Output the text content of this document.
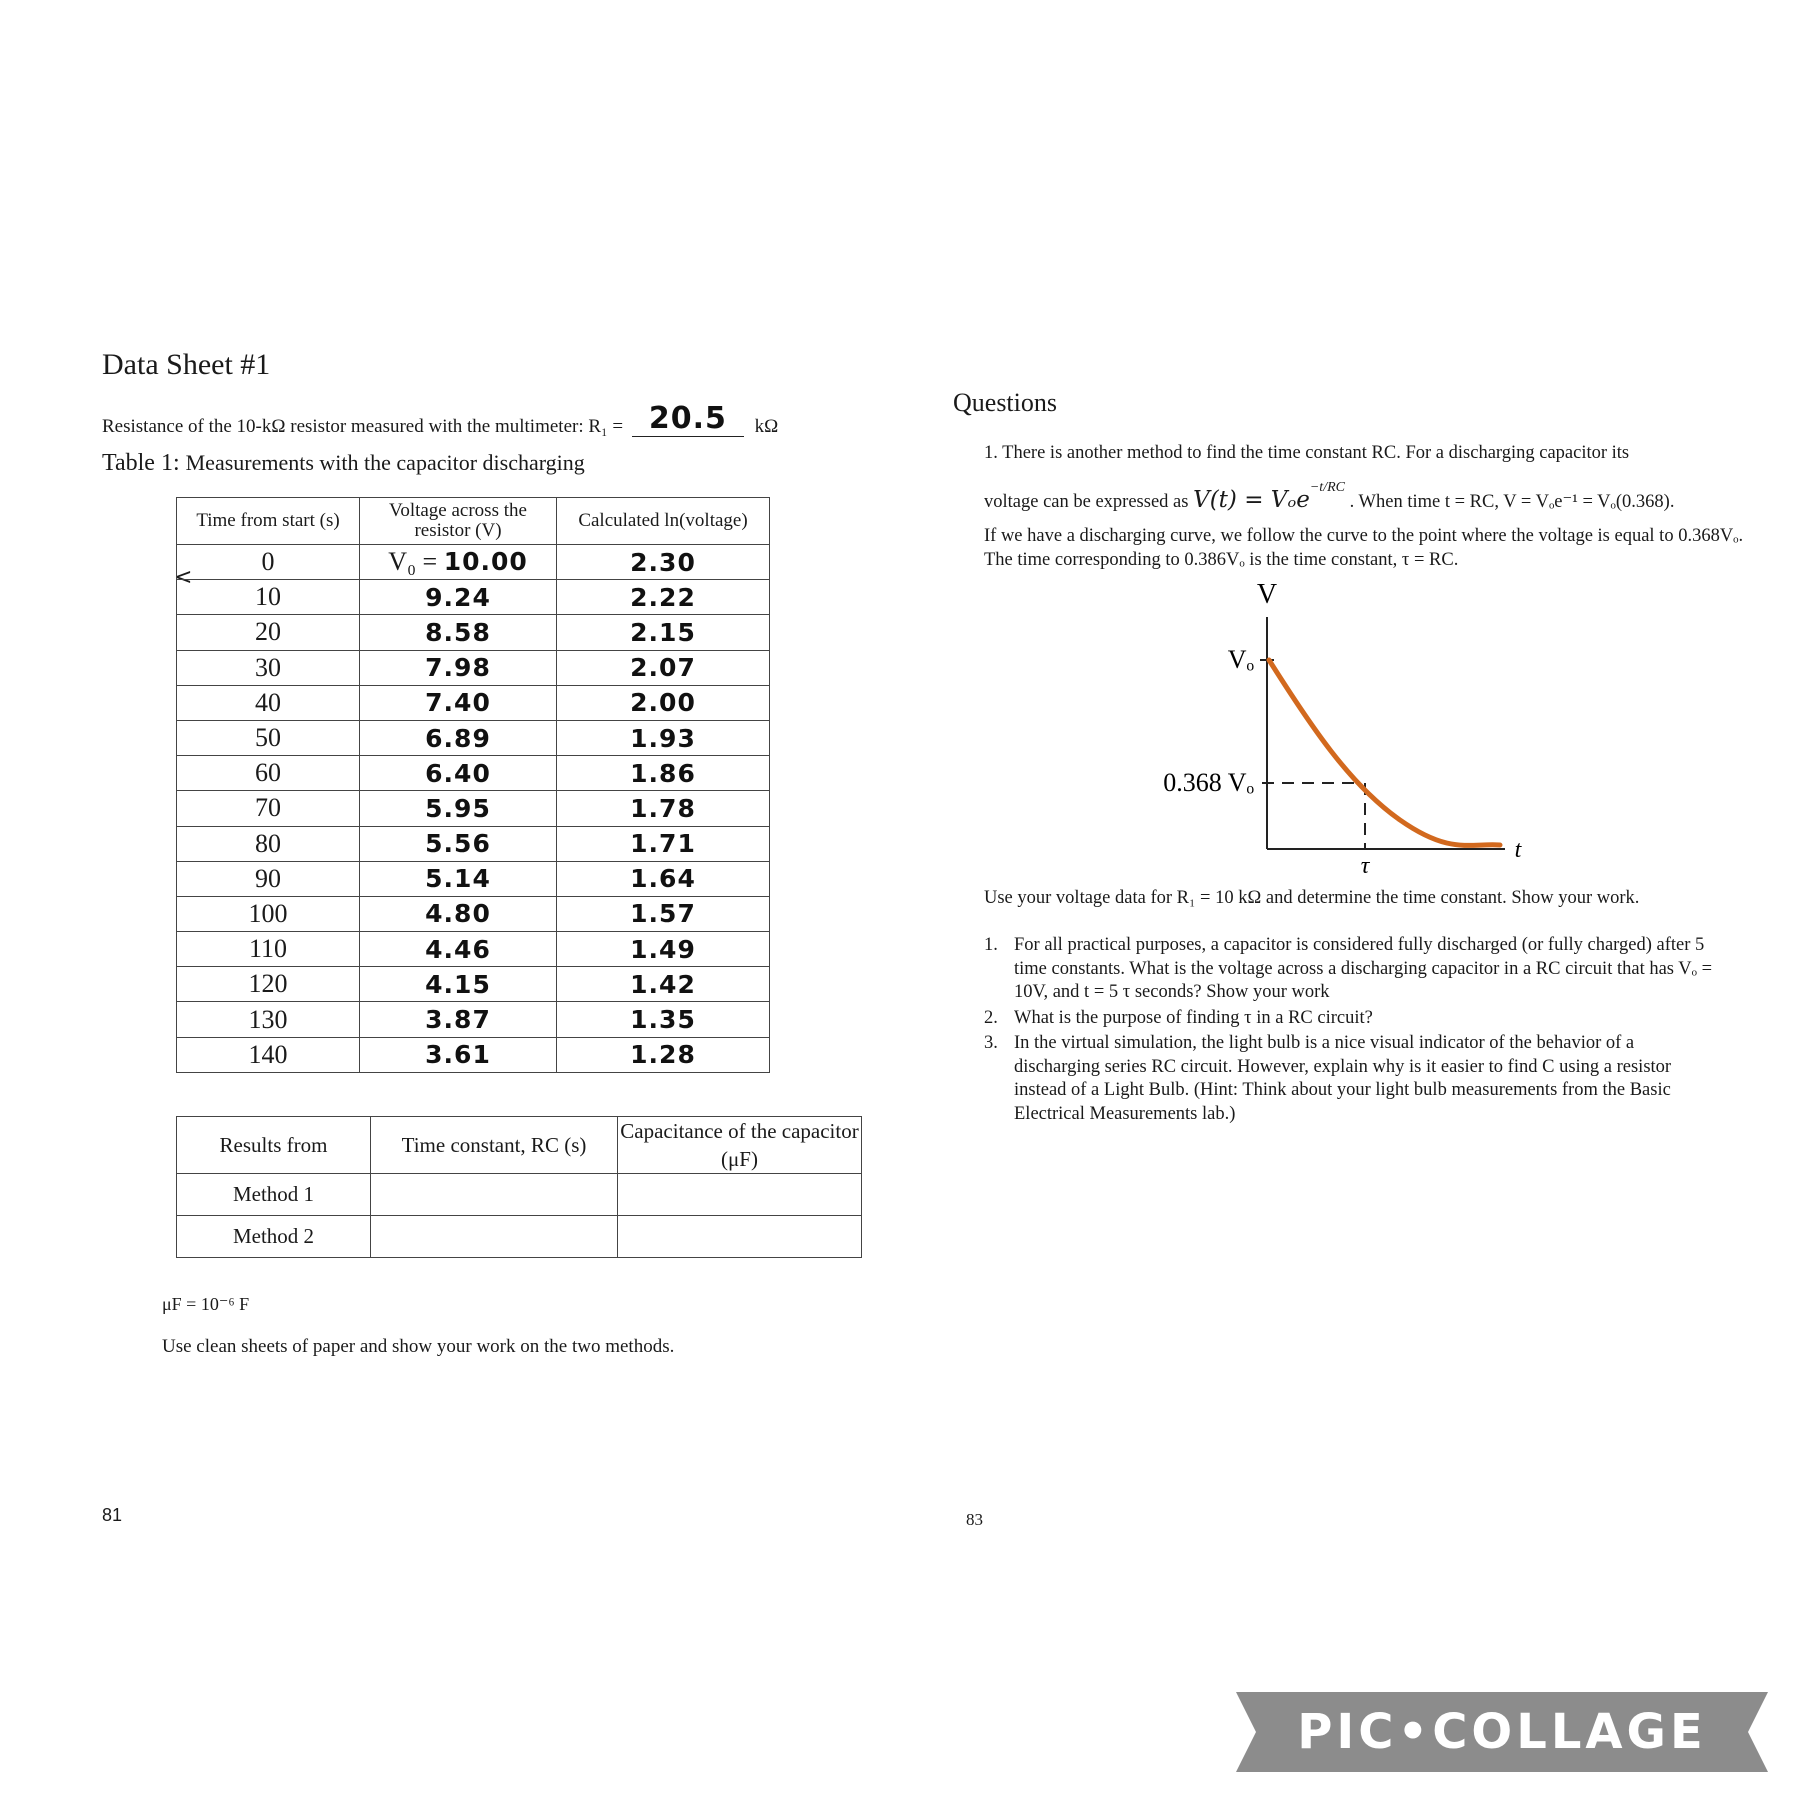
Data Sheet #1
Resistance of the 10-kΩ resistor measured with the multimeter: R₁ = 20.5 kΩ
Table 1: Measurements with the capacitor discharging
<
Time from start (s)	Voltage across the resistor (V)	Calculated ln(voltage)
0	V₀ = 10.00	2.30
10	9.24	2.22
20	8.58	2.15
30	7.98	2.07
40	7.40	2.00
50	6.89	1.93
60	6.40	1.86
70	5.95	1.78
80	5.56	1.71
90	5.14	1.64
100	4.80	1.57
110	4.46	1.49
120	4.15	1.42
130	3.87	1.35
140	3.61	1.28
Results from	Time constant, RC (s)	Capacitance of the capacitor (μF)
Method 1		
Method 2		
μF = 10⁻⁶ F
Use clean sheets of paper and show your work on the two methods.
81
Questions
1. There is another method to find the time constant RC. For a discharging capacitor its
voltage can be expressed as V(t) = Vₒe$^{-t/RC}$ . When time t = RC, V = Vₒe⁻¹ = Vₒ(0.368).
If we have a discharging curve, we follow the curve to the point where the voltage is equal to 0.368Vₒ. The time corresponding to 0.386Vₒ is the time constant, τ = RC.
V
Vₒ
0.368 Vₒ
τ
t
Use your voltage data for R₁ = 10 kΩ and determine the time constant. Show your work.
1. For all practical purposes, a capacitor is considered fully discharged (or fully charged) after 5 time constants. What is the voltage across a discharging capacitor in a RC circuit that has Vₒ = 10V, and t = 5 τ seconds? Show your work
2. What is the purpose of finding τ in a RC circuit?
3. In the virtual simulation, the light bulb is a nice visual indicator of the behavior of a discharging series RC circuit. However, explain why is it easier to find C using a resistor instead of a Light Bulb. (Hint: Think about your light bulb measurements from the Basic Electrical Measurements lab.)
83
PIC•COLLAGE
